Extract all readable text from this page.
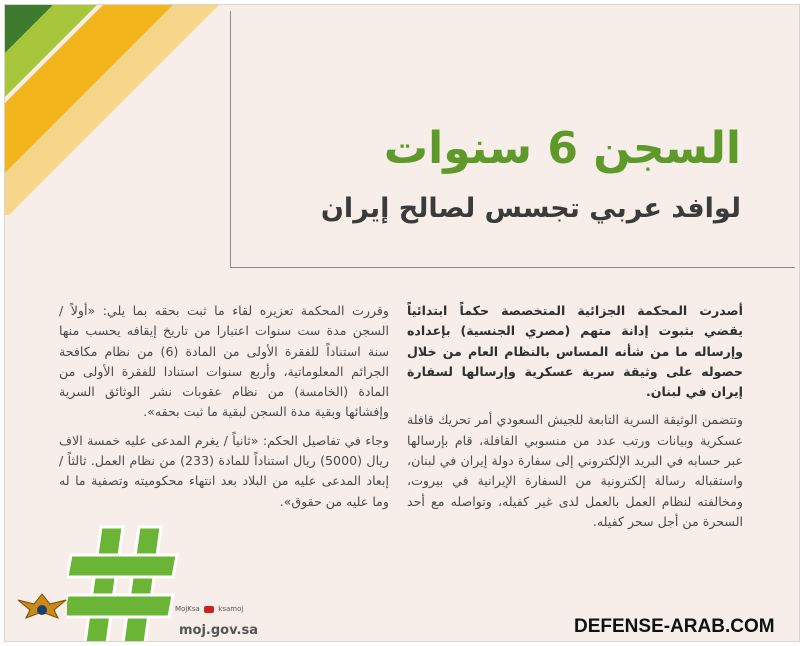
السجن 6 سنوات
لوافد عربي تجسس لصالح إيران

أصدرت المحكمة الجزائية المتخصصة حكماً ابتدائياً يقضي بثبوت إدانة متهم (مصري الجنسية) بإعداده وإرساله ما من شأنه المساس بالنظام العام من خلال حصوله على وثيقة سرية عسكرية وإرسالها لسفارة إيران في لبنان.

وتتضمن الوثيقة السرية التابعة للجيش السعودي أمر تحريك قافلة عسكرية وبيانات ورتب عدد من منسوبي القافلة، قام بإرسالها عبر حسابه في البريد الإلكتروني إلى سفارة دولة إيران في لبنان، واستقباله رسالة إلكترونية من السفارة الإيرانية في بيروت، ومخالفته لنظام العمل بالعمل لدى غير كفيله، وتواصله مع أحد السحرة من أجل سحر كفيله.

وقررت المحكمة تعزيره لقاء ما ثبت بحقه بما يلي: «أولاً / السجن مدة ست سنوات اعتبارا من تاريخ إيقافه يحسب منها سنة استناداً للفقرة الأولى من المادة (6) من نظام مكافحة الجرائم المعلوماتية، وأربع سنوات استنادا للفقرة الأولى من المادة (الخامسة) من نظام عقوبات نشر الوثائق السرية وإفشائها وبقية مدة السجن لبقية ما ثبت بحقه».

وجاء في تفاصيل الحكم: «ثانياً / يغرم المدعى عليه خمسة الاف ريال (5000) ريال استناداً للمادة (233) من نظام العمل. ثالثاً /إبعاد المدعى عليه من البلاد بعد انتهاء محكوميته وتصفية ما له وما عليه من حقوق».

MojKsa	ksamoj
moj.gov.sa	DEFENSE-ARAB.COM
